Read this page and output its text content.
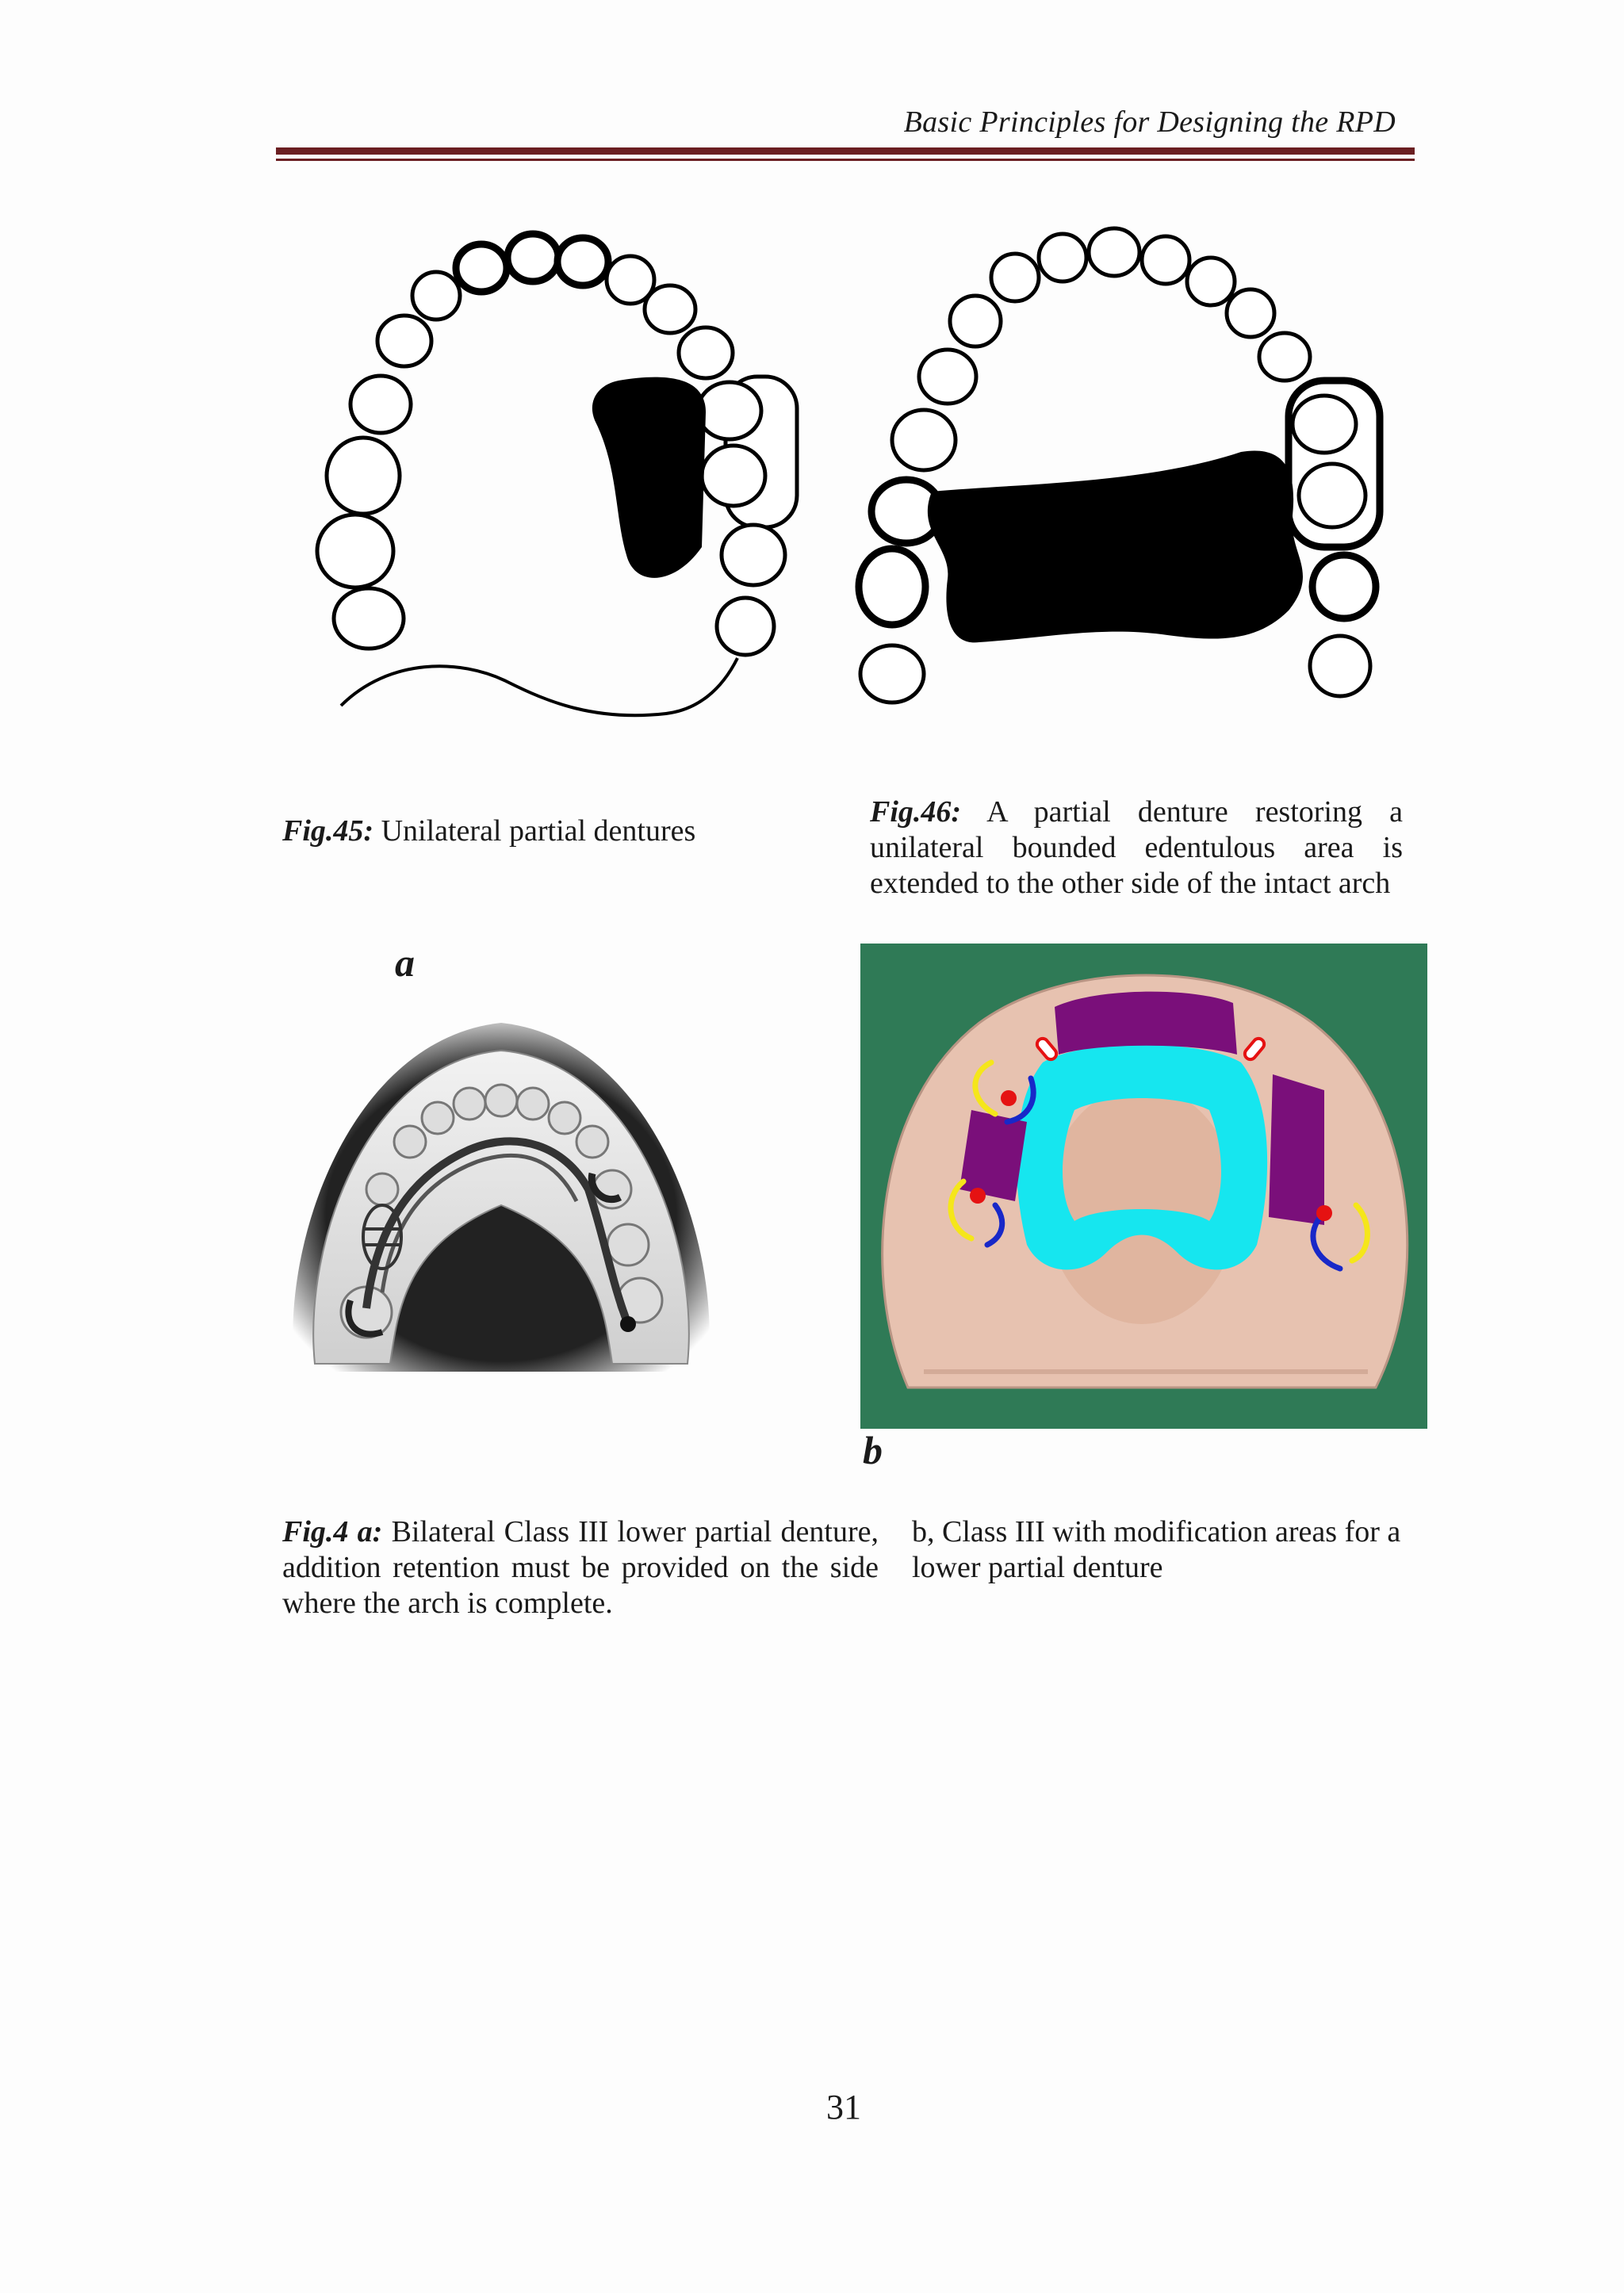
Basic Principles for Designing the RPD
Fig.45: Unilateral partial dentures
Fig.46: A partial denture restoring a unilateral bounded edentulous area is extended to the other side of the intact arch
a
b
Fig.4 a: Bilateral Class III lower partial denture, addition retention must be provided on the side where the arch is complete.
b, Class III with modification areas for a lower partial denture
31
